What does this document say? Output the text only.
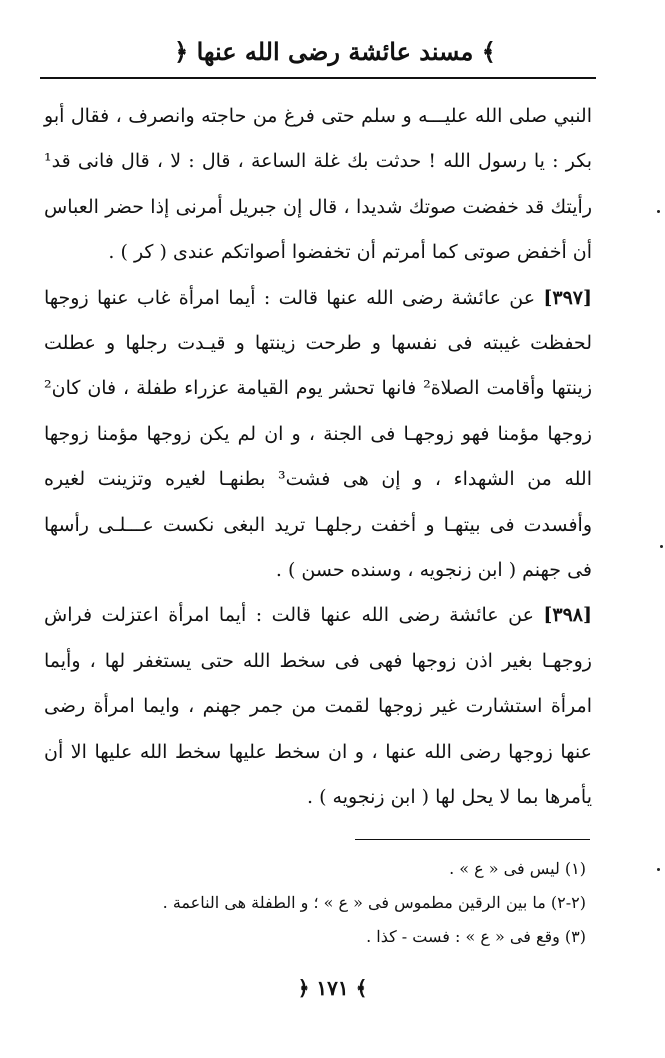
﴿ مسند عائشة رضى الله عنها ﴾

النبي صلى الله عليـــه و سلم حتى فرغ من حاجته وانصرف ، فقال أبو بكر : يا رسول الله ! حدثت بك غلة الساعة ، قال : لا ، قال فانى قد¹ رأيتك قد خفضت صوتك شديدا ، قال إن جبريل أمرنى إذا حضر العباس أن أخفض صوتى كما أمرتم أن تخفضوا أصواتكم عندى ( كر ) .

[٣٩٧] عن عائشة رضى الله عنها قالت : أيما امرأة غاب عنها زوجها لحفظت غيبته فى نفسها و طرحت زينتها و قيـدت رجلها و عطلت زينتها وأقامت الصلاة² فانها تحشر يوم القيامة عزراء طفلة ، فان كان² زوجها مؤمنا فهو زوجهـا فى الجنة ، و ان لم يكن زوجها مؤمنا زوجها الله من الشهداء ، و إن هى فشت³ بطنهـا لغيره وتزينت لغيره وأفسدت فى بيتهـا و أخفت رجلهـا تريد البغى نكست عـــلـى رأسها فى جهنم ( ابن زنجويه ، وسنده حسن ) .

[٣٩٨] عن عائشة رضى الله عنها قالت : أيما امرأة اعتزلت فراش زوجهـا بغير اذن زوجها فهى فى سخط الله حتى يستغفر لها ، وأيما امرأة استشارت غير زوجها لقمت من جمر جهنم ، وايما امرأة رضى عنها زوجها رضى الله عنها ، و ان سخط عليها سخط الله عليها الا أن يأمرها بما لا يحل لها ( ابن زنجويه ) .

(١) ليس فى « ع » .
(٢-٢) ما بين الرقين مطموس فى « ع » ؛ و الطفلة هى الناعمة .
(٣) وقع فى « ع » : فست - كذا .
﴿ ١٧١ ﴾
